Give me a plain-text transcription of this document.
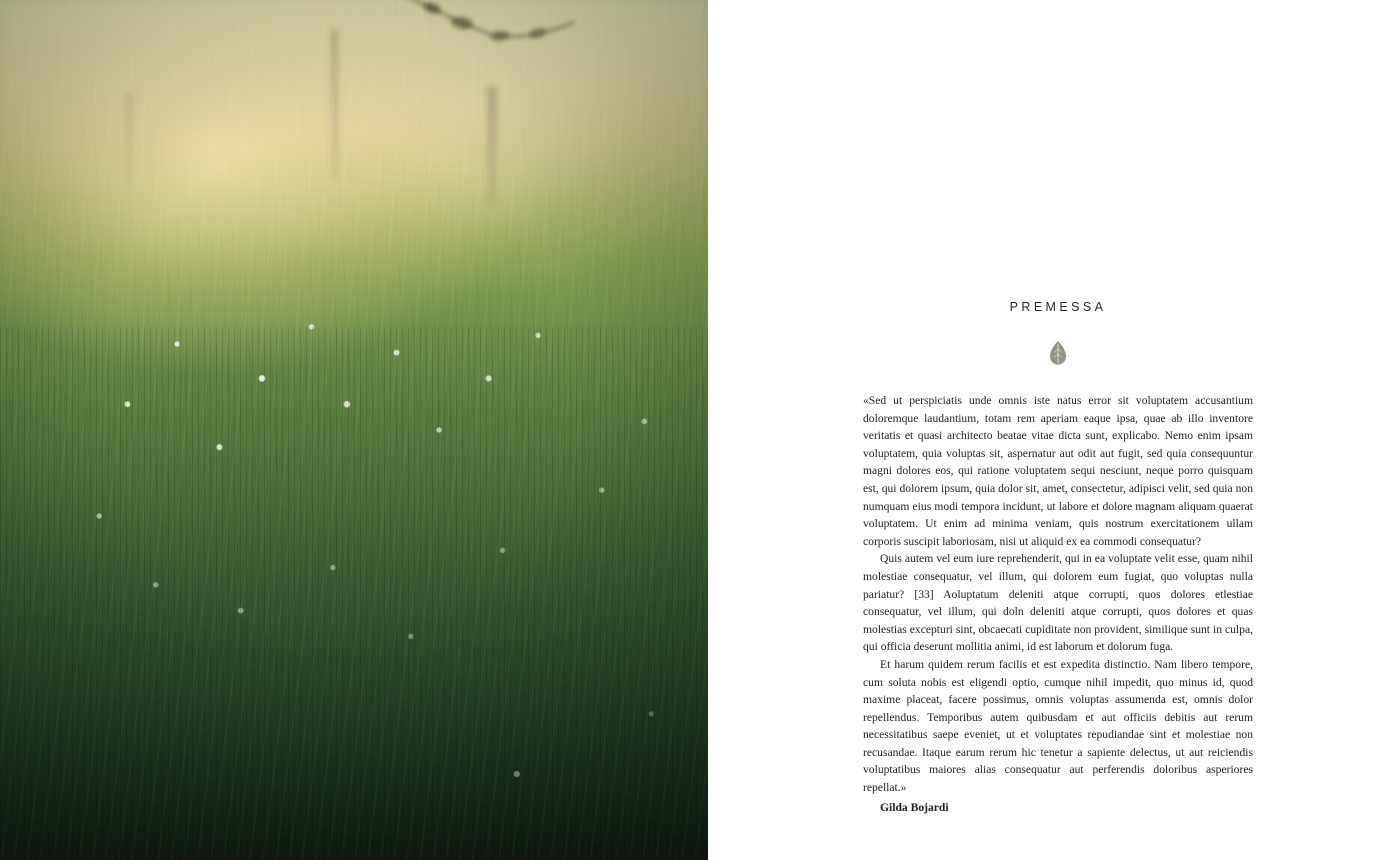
PREMESSA

«Sed ut perspiciatis unde omnis iste natus error sit voluptatem accusantium doloremque laudantium, totam rem aperiam eaque ipsa, quae ab illo inventore veritatis et quasi architecto beatae vitae dicta sunt, explicabo. Nemo enim ipsam voluptatem, quia voluptas sit, aspernatur aut odit aut fugit, sed quia consequuntur magni dolores eos, qui ratione voluptatem sequi nesciunt, neque porro quisquam est, qui dolorem ipsum, quia dolor sit, amet, consectetur, adipisci velit, sed quia non numquam eius modi tempora incidunt, ut labore et dolore magnam aliquam quaerat voluptatem. Ut enim ad minima veniam, quis nostrum exercitationem ullam corporis suscipit laboriosam, nisi ut aliquid ex ea commodi consequatur?

Quis autem vel eum iure reprehenderit, qui in ea voluptate velit esse, quam nihil molestiae consequatur, vel illum, qui dolorem eum fugiat, quo voluptas nulla pariatur? [33] Aoluptatum deleniti atque corrupti, quos dolores etlestiae consequatur, vel illum, qui doln deleniti atque corrupti, quos dolores et quas molestias excepturi sint, obcaecati cupiditate non provident, similique sunt in culpa, qui officia deserunt mollitia animi, id est laborum et dolorum fuga.

Et harum quidem rerum facilis et est expedita distinctio. Nam libero tempore, cum soluta nobis est eligendi optio, cumque nihil impedit, quo minus id, quod maxime placeat, facere possimus, omnis voluptas assumenda est, omnis dolor repellendus. Temporibus autem quibusdam et aut officiis debitis aut rerum necessitatibus saepe eveniet, ut et voluptates repudiandae sint et molestiae non recusandae. Itaque earum rerum hic tenetur a sapiente delectus, ut aut reiciendis voluptatibus maiores alias consequatur aut perferendis doloribus asperiores repellat.»

Gilda Bojardi
